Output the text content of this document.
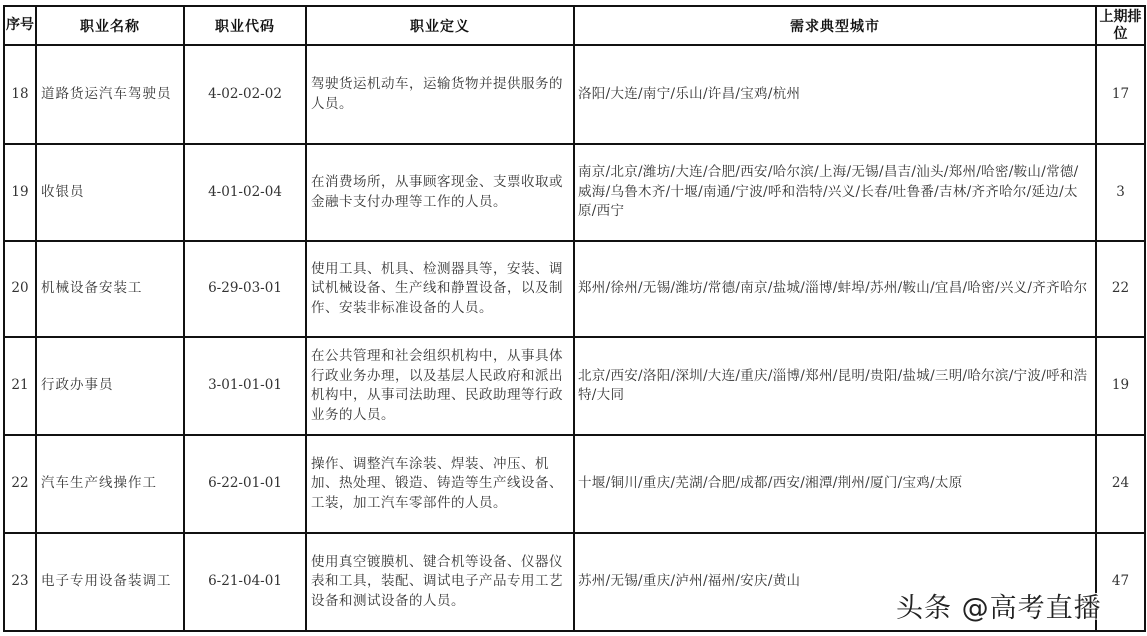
序号	职业名称	职业代码	职业定义	需求典型城市	上期排位
18	道路货运汽车驾驶员	4-02-02-02	驾驶货运机动车，运输货物并提供服务的人员。	洛阳/大连/南宁/乐山/许昌/宝鸡/杭州	17
19	收银员	4-01-02-04	在消费场所，从事顾客现金、支票收取或金融卡支付办理等工作的人员。	南京/北京/潍坊/大连/合肥/西安/哈尔滨/上海/无锡/昌吉/汕头/郑州/哈密/鞍山/常德/威海/乌鲁木齐/十堰/南通/宁波/呼和浩特/兴义/长春/吐鲁番/吉林/齐齐哈尔/延边/太原/西宁	3
20	机械设备安装工	6-29-03-01	使用工具、机具、检测器具等，安装、调试机械设备、生产线和静置设备，以及制作、安装非标准设备的人员。	郑州/徐州/无锡/潍坊/常德/南京/盐城/淄博/蚌埠/苏州/鞍山/宜昌/哈密/兴义/齐齐哈尔	22
21	行政办事员	3-01-01-01	在公共管理和社会组织机构中，从事具体行政业务办理，以及基层人民政府和派出机构中，从事司法助理、民政助理等行政业务的人员。	北京/西安/洛阳/深圳/大连/重庆/淄博/郑州/昆明/贵阳/盐城/三明/哈尔滨/宁波/呼和浩特/大同	19
22	汽车生产线操作工	6-22-01-01	操作、调整汽车涂装、焊装、冲压、机加、热处理、锻造、铸造等生产线设备、工装，加工汽车零部件的人员。	十堰/铜川/重庆/芜湖/合肥/成都/西安/湘潭/荆州/厦门/宝鸡/太原	24
23	电子专用设备装调工	6-21-04-01	使用真空镀膜机、键合机等设备、仪器仪表和工具，装配、调试电子产品专用工艺设备和测试设备的人员。	苏州/无锡/重庆/泸州/福州/安庆/黄山	47
头条 @高考直播
